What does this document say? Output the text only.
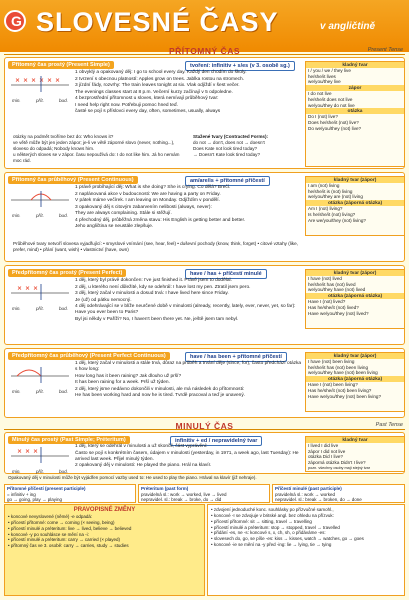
G SLOVESNÉ ČASY	v angličtině
PŘÍTOMNÝ ČAS	Present Tense
Přítomný čas prostý (Present Simple)	tvoření: infinitiv + s/es (v 3. osobě sg.)
× × × × × ×
min.	přít.	bud.

1 obvyklý a opakovaný děj: I go to school every day. Každý den chodím do školy.

2 tvrzení s obecnou platností: Apples grow on trees. Jablka rostou na stromech.

3 jízdní řády, rozvrhy: The train leaves tonight at six. Vlak odjíždí v šest večer.

The evenings classes start at 8 p.m. Večerní kurzy začínají v 5 odpoledne.

4 bezprostřední přítomnost u sloves, která nemívají průběhový tvar:

I need help right now. Potřebuji pomoc hned teď.

časté se pojí s příslovci every day, often, sometimes, usually, always

otázky na podmět tvoříme bez do: Who knows it?

ve větě může být jen jeden zápor; je-li ve větě záporné slovo (never, nothing...), sloveso do odpadá; Nobody knows him.

u některých sloves se v zápor. času nepoužívá do: I do not like him. Já ho nemám moc rád.

Stažené tvary (Contracted Forms):

do not → don't, does not → doesn't

Does Kate not look tired today?

→ Doesn't Kate look tired today?

kladný tvar
I / you / we / they live
he/she/it lives
we/you/they live
zápor
I do not live
he/she/it does not live
we/you/they do not live
otázka
Do I (not) live?
Does he/she/it (not) live?
Do we/you/they (not) live?
Přítomný čas průběhový (Present Continuous)	am/are/is + přítomné příčestí
min.	přít.	bud.

1 právě probíhající děj: What is she doing? She is crying. Co dělá? Brečí.

2 naplánovaná akce v budoucnosti: We are having a party on Friday.

V pátek máme večírek. I am leaving on Monday. Odjíždím v pondělí.

3 opakovaný děj s citovým zabarvením nelibosti (always, never):

They are always complaining. Stále si stěžují.

4 přechodný děj, průběžná změna stavu: His English is getting better and better.

Jeho angličtina se neustále zlepšuje.

Průběhové tvary netvoří slovesa vyjadřující: • smyslové vnímání (see, hear, feel) • duševní pochody (know, think, forget) • citové vztahy (like, prefer, mind) • přání (want, wish) • vlastnictví (have, own)

kladný tvar (zápor)
I am (not) living
he/she/it is (not) living
we/you/they are (not) living
otázka (záporná otázka)
Am I (not) living?
Is he/she/it (not) living?
Are we/you/they (not) living?
Předpřítomný čas prostý (Present Perfect)	have / has + příčestí minulé
× × ×
min.	přít.	bud.

1 děj, který byl právě dokončen: I've just finished it. Právě jsem to dodělal.

2 děj, u kterého není důležité, kdy se odehrál: I have lost my pen. Ztratil jsem pero.

3 děj, který začal v minulosti a dosud trvá: I have lived here since Friday.

Je (už) od pátku nemocný.

4 děj odehrávající se v blíže neurčené době v minulosti (already, recently, lately, ever, never, yet, so far): Have you ever been to Paris?

Byl jsi někdy v Paříži? No, I haven't been there yet. Ne, ještě jsem tam nebyl.

kladný tvar (zápor)
I have (not) lived
he/she/it has (not) lived
we/you/they have (not) lived
otázka (záporná otázka)
Have I (not) lived?
Has he/she/it (not) lived?
Have we/you/they (not) lived?
Předpřítomný čas průběhový (Present Perfect Continuous)	have / has been + přítomné příčestí
min.	přít.	bud.

1 děj, který začal v minulosti a stále trvá, důraz na průběh a trvání děje (since, for), často předchází otázka s how long:

How long has it been raining? Jak dlouho už prší?

It has been raining for a week. Prší už týden.

2 děj, který jsme nedávno dokončili v minulosti, ale má následek do přítomnosti:

He has been working hard and now he is tired. Tvrdě pracoval a teď je unavený.

kladný tvar (zápor)
I have (not) been living
he/she/it has (not) been living
we/you/they have (not) been living
otázka (záporná otázka)
Have I (not) been living?
Has he/she/it (not) been living?
Have we/you/they (not) been living?
MINULÝ ČAS	Past Tense
Minulý čas prostý (Past Simple; Préteritum)	infinitiv + ed / nepravidelný tvar
× × ×
min.	přít.	bud.

1 děj, který se odehrál v minulosti a už skončil, část vyprávění:

Často se pojí s konkrétním časem, údajem v minulosti (yesterday, in 1971, a week ago, last Tuesday): He arrived last week. Přijel minulý týden.

2 opakovaný děj v minulosti: He played the piano. Hrál na klavír.

kladný tvar
I lived I did live
zápor I did not live
otázka Did I live?
záporná otázka Didn't I live?
pozn. všechny osoby mají stejný tvar

Opakovaný děj v minulosti může být vyjádřen pomocí vazby used to: He used to play the piano. Hrával na klavír (již nehraje).

Přítomné příčestí (present participle)
= infinitiv + ing
go → going, play → playing
Préteritum (past form)
pravidelná sl.: work → worked, live → lived
nepravidel. sl.: break → broke, do → did
Příčestí minulé (past participle)
pravidelná sl.: work → worked
nepravidel. sl.: break → broken, do → done
PRAVOPISNÉ ZMĚNY
• koncové nevyslovené (němé) -e odpadá:
• přícestí přítomné: come → coming (× seeing, being)
• přícestí minulé a préteritum: live → lived, believe → believed
• koncové -y po souhlásce se mění na -i:
• přícestí minulé a préteritum: carry → carried (× played)
• přítomný čas ve 3. osobě: carry → carries, study → studies
• zdvojení jednoduché konc. souhlásky po přízvučné samohl.,
• koncové -I se zdvojuje v britské angl. bez ohledu na přízvuk:
• přícestí přítomné: sit → sitting, travel → travelling
• přícestí minulé a préteritum: stop → stopped, travel → travelled
• přidání -es, ne -s: koncové s, x, ch, sh, o přidáváme -es:
• slovesech do, go, se píše -es: kiss → kisses, watch → watches, go → goes
• koncové -ie se mění na -y před -ing: lie → lying, tie → tying
